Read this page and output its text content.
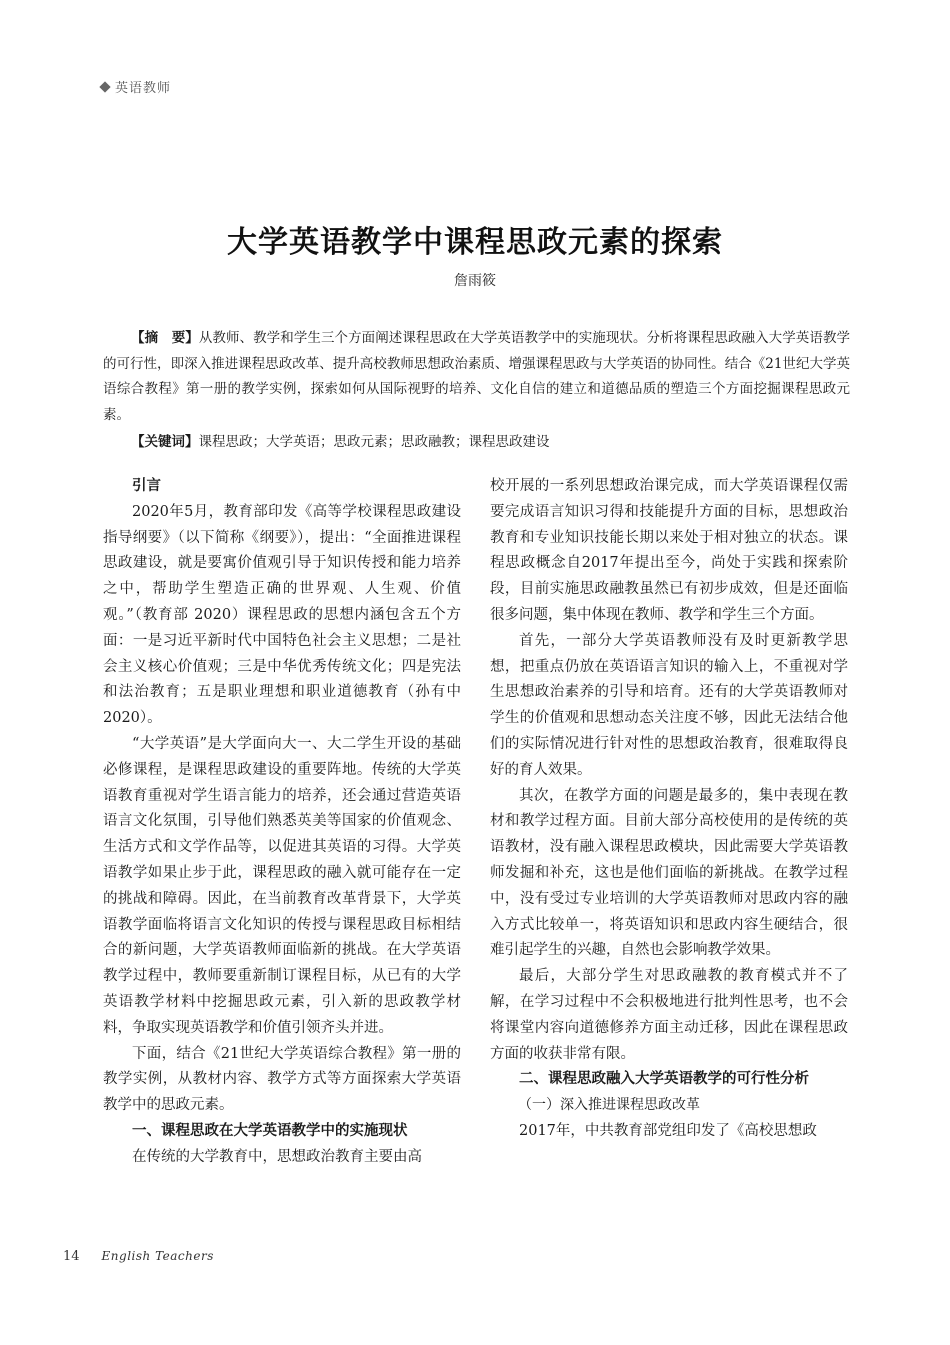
英语教师
大学英语教学中课程思政元素的探索
詹雨筱

【摘　要】从教师、教学和学生三个方面阐述课程思政在大学英语教学中的实施现状。分析将课程思政融入大学英语教学的可行性，即深入推进课程思政改革、提升高校教师思想政治素质、增强课程思政与大学英语的协同性。结合《21世纪大学英语综合教程》第一册的教学实例，探索如何从国际视野的培养、文化自信的建立和道德品质的塑造三个方面挖掘课程思政元素。

【关键词】课程思政；大学英语；思政元素；思政融教；课程思政建设

引言

2020年5月，教育部印发《高等学校课程思政建设指导纲要》（以下简称《纲要》），提出：“全面推进课程思政建设，就是要寓价值观引导于知识传授和能力培养之中，帮助学生塑造正确的世界观、人生观、价值观。”（教育部 2020）课程思政的思想内涵包含五个方面：一是习近平新时代中国特色社会主义思想；二是社会主义核心价值观；三是中华优秀传统文化；四是宪法和法治教育；五是职业理想和职业道德教育（孙有中 2020）。

“大学英语”是大学面向大一、大二学生开设的基础必修课程，是课程思政建设的重要阵地。传统的大学英语教育重视对学生语言能力的培养，还会通过营造英语语言文化氛围，引导他们熟悉英美等国家的价值观念、生活方式和文学作品等，以促进其英语的习得。大学英语教学如果止步于此，课程思政的融入就可能存在一定的挑战和障碍。因此，在当前教育改革背景下，大学英语教学面临将语言文化知识的传授与课程思政目标相结合的新问题，大学英语教师面临新的挑战。在大学英语教学过程中，教师要重新制订课程目标，从已有的大学英语教学材料中挖掘思政元素，引入新的思政教学材料，争取实现英语教学和价值引领齐头并进。

下面，结合《21世纪大学英语综合教程》第一册的教学实例，从教材内容、教学方式等方面探索大学英语教学中的思政元素。

一、课程思政在大学英语教学中的实施现状

在传统的大学教育中，思想政治教育主要由高

校开展的一系列思想政治课完成，而大学英语课程仅需要完成语言知识习得和技能提升方面的目标，思想政治教育和专业知识技能长期以来处于相对独立的状态。课程思政概念自2017年提出至今，尚处于实践和探索阶段，目前实施思政融教虽然已有初步成效，但是还面临很多问题，集中体现在教师、教学和学生三个方面。

首先，一部分大学英语教师没有及时更新教学思想，把重点仍放在英语语言知识的输入上，不重视对学生思想政治素养的引导和培育。还有的大学英语教师对学生的价值观和思想动态关注度不够，因此无法结合他们的实际情况进行针对性的思想政治教育，很难取得良好的育人效果。

其次，在教学方面的问题是最多的，集中表现在教材和教学过程方面。目前大部分高校使用的是传统的英语教材，没有融入课程思政模块，因此需要大学英语教师发掘和补充，这也是他们面临的新挑战。在教学过程中，没有受过专业培训的大学英语教师对思政内容的融入方式比较单一，将英语知识和思政内容生硬结合，很难引起学生的兴趣，自然也会影响教学效果。

最后，大部分学生对思政融教的教育模式并不了解，在学习过程中不会积极地进行批判性思考，也不会将课堂内容向道德修养方面主动迁移，因此在课程思政方面的收获非常有限。

二、课程思政融入大学英语教学的可行性分析
（一）深入推进课程思政改革

2017年，中共教育部党组印发了《高校思想政

14 English Teachers
